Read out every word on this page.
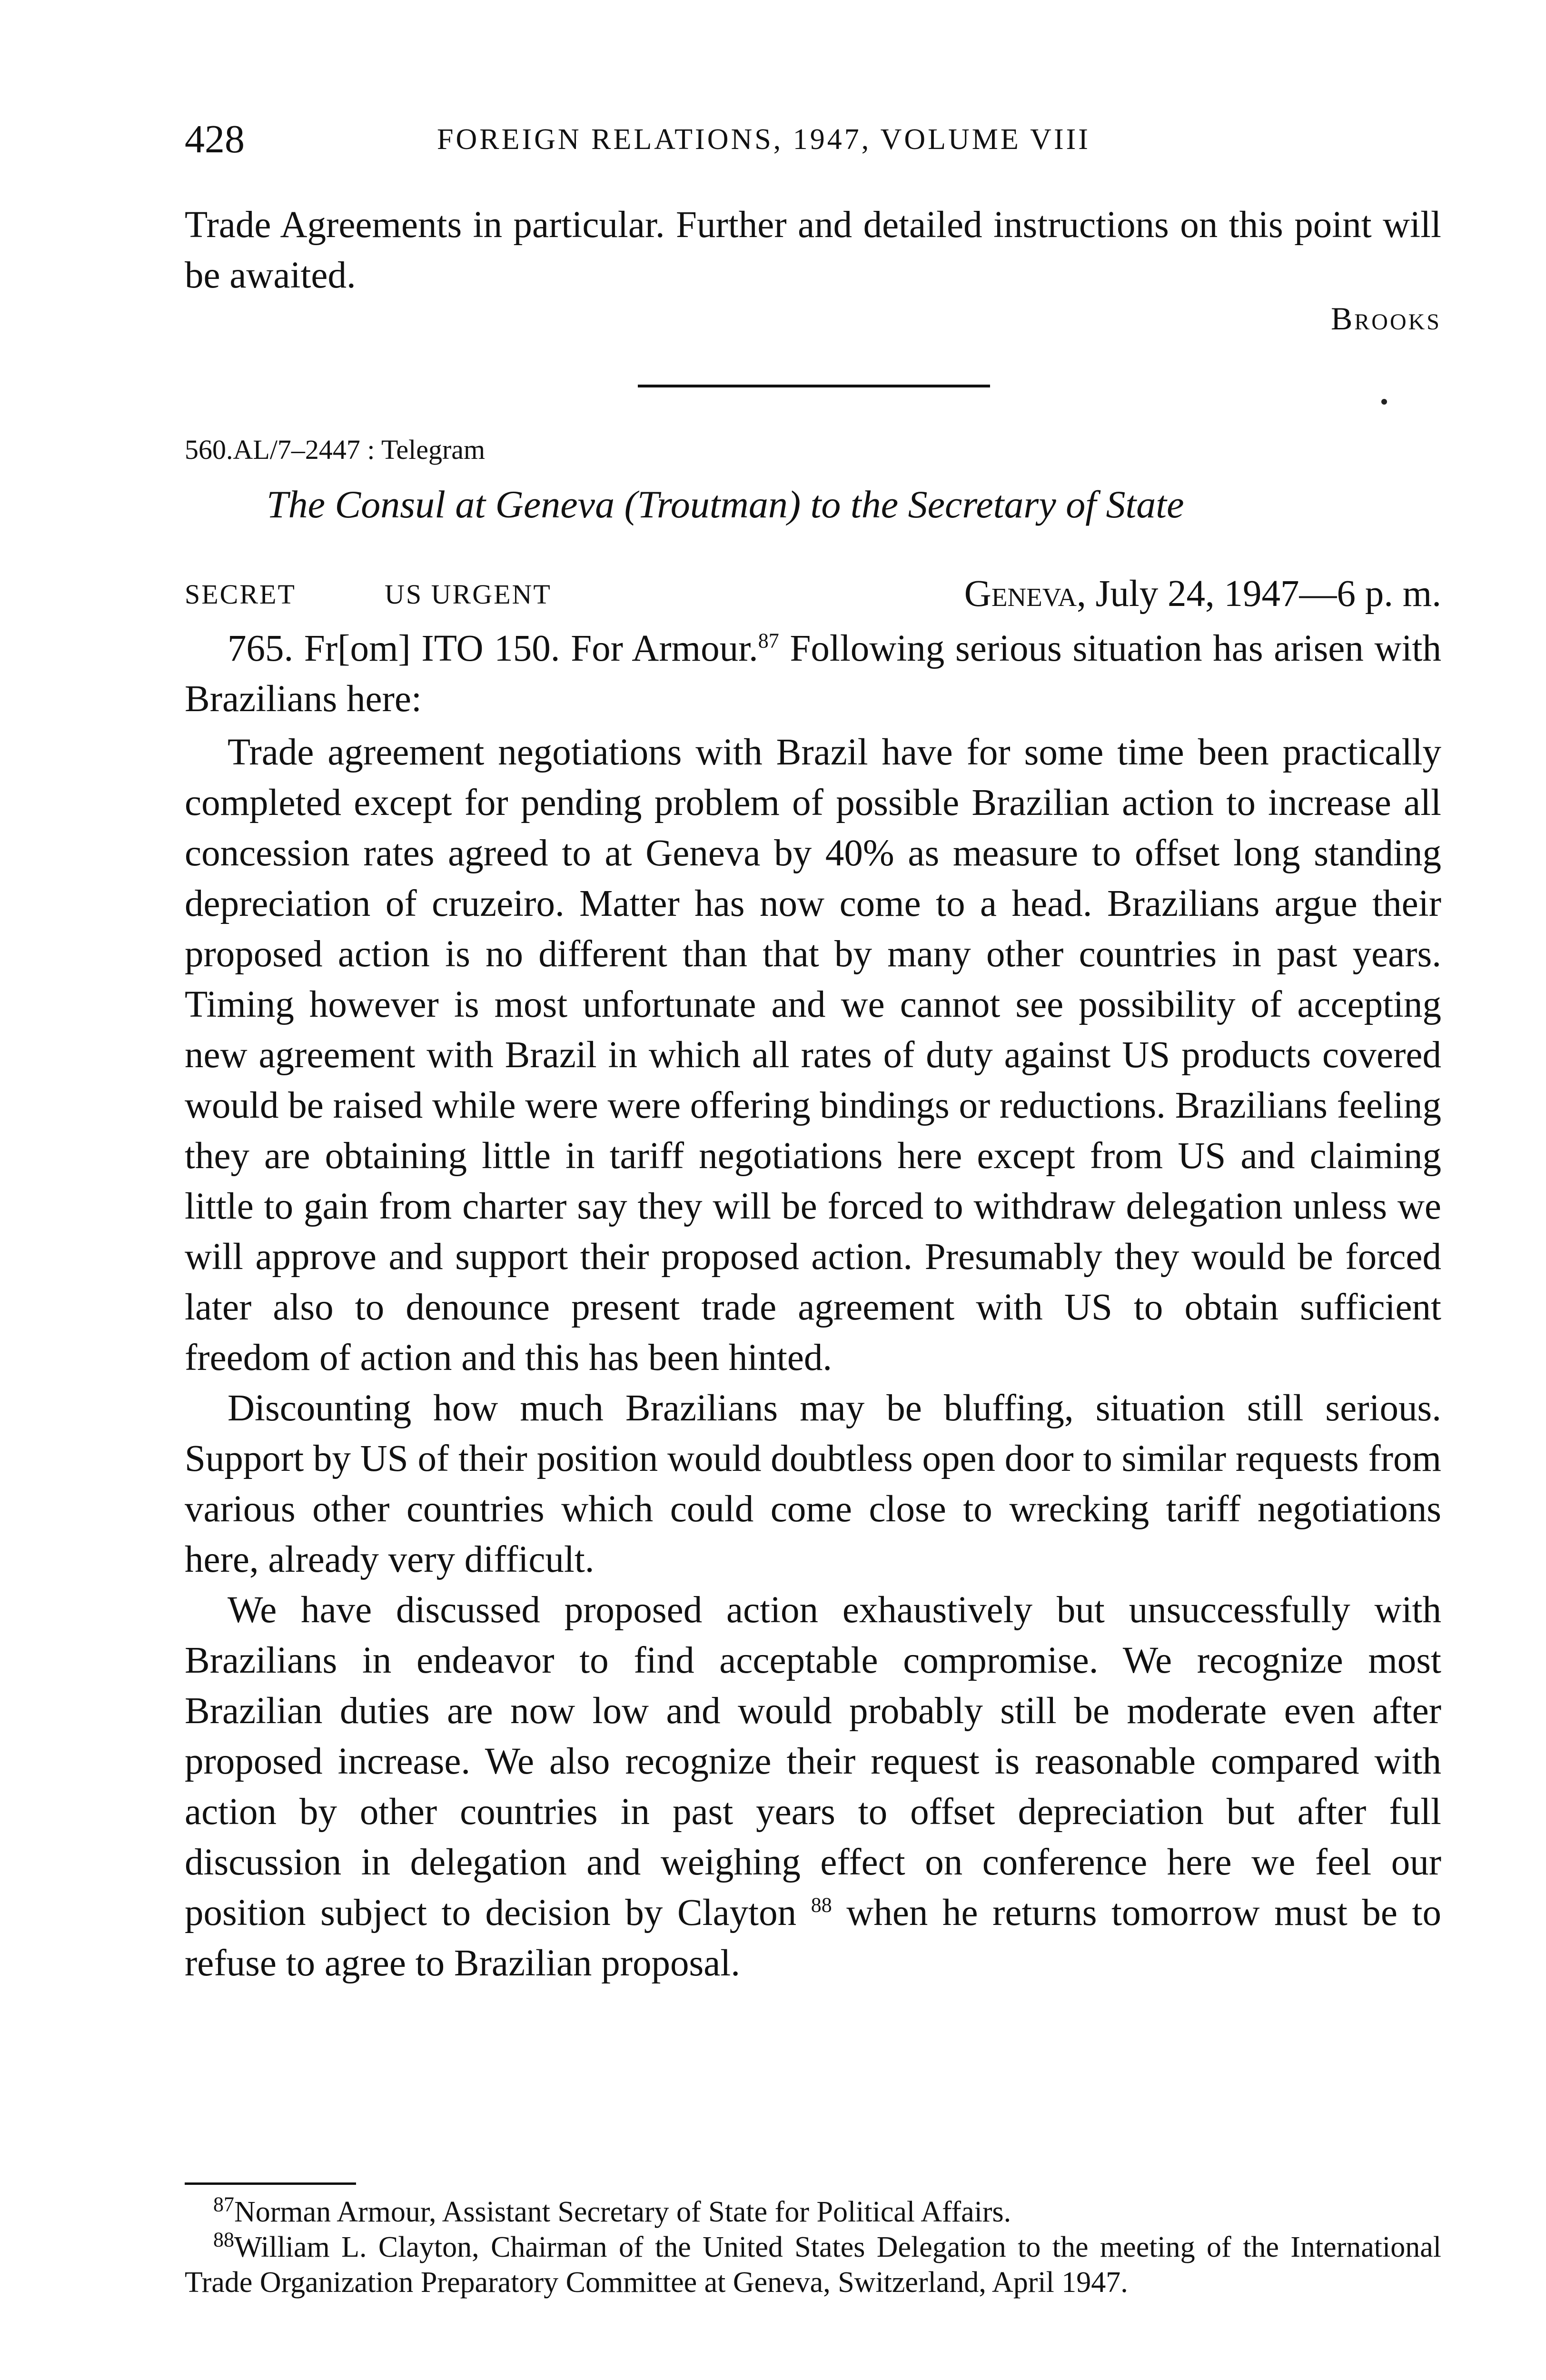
428	FOREIGN RELATIONS, 1947, VOLUME VIII

Trade Agreements in particular. Further and detailed instructions on this point will be awaited.

Brooks
560.AL/7–2447 : Telegram
The Consul at Geneva (Troutman) to the Secretary of State
SECRET	US URGENT	Geneva, July 24, 1947—6 p. m.

765. Fr[om] ITO 150. For Armour.$^{87}$ Following serious situation has arisen with Brazilians here:

Trade agreement negotiations with Brazil have for some time been practically completed except for pending problem of possible Brazilian action to increase all concession rates agreed to at Geneva by 40% as measure to offset long standing depreciation of cruzeiro. Matter has now come to a head. Brazilians argue their proposed action is no different than that by many other countries in past years. Timing however is most unfortunate and we cannot see possibility of accepting new agreement with Brazil in which all rates of duty against US products covered would be raised while were were offering bindings or reductions. Brazilians feeling they are obtaining little in tariff negotiations here except from US and claiming little to gain from charter say they will be forced to withdraw delegation unless we will approve and support their proposed action. Presumably they would be forced later also to denounce present trade agreement with US to obtain sufficient freedom of action and this has been hinted.

Discounting how much Brazilians may be bluffing, situation still serious. Support by US of their position would doubtless open door to similar requests from various other countries which could come close to wrecking tariff negotiations here, already very difficult.

We have discussed proposed action exhaustively but unsuccessfully with Brazilians in endeavor to find acceptable compromise. We recognize most Brazilian duties are now low and would probably still be moderate even after proposed increase. We also recognize their request is reasonable compared with action by other countries in past years to offset depreciation but after full discussion in delegation and weighing effect on conference here we feel our position subject to decision by Clayton $^{88}$ when he returns tomorrow must be to refuse to agree to Brazilian proposal.

$^{87}$Norman Armour, Assistant Secretary of State for Political Affairs.

$^{88}$William L. Clayton, Chairman of the United States Delegation to the meeting of the International Trade Organization Preparatory Committee at Geneva, Switzerland, April 1947.
